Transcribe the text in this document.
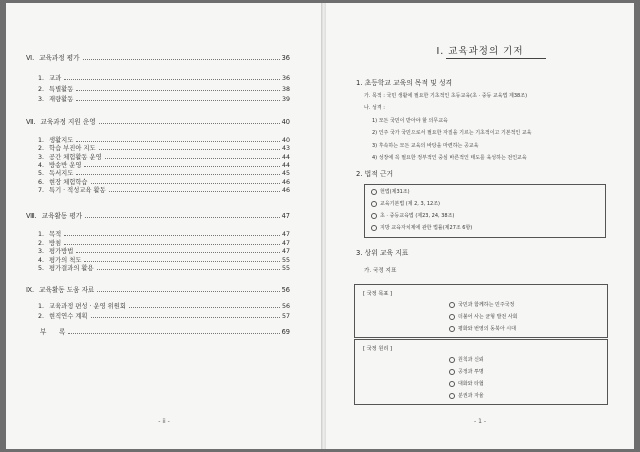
Ⅵ. 교육과정 평가	36
1. 교과	36
2. 특별활동	38
3. 재량활동	39
Ⅶ. 교육과정 지원 운영	40
1. 생활지도	40
2. 학습 부진아 지도	43
3. 공간 체험활동 운영	44
4. 방송반 운영	44
5. 독서지도	45
6. 현장 체험학습	46
7. 특기 · 적성교육 활동	46
Ⅷ. 교육활동 평가	47
1. 목적	47
2. 방침	47
3. 평가방법	47
4. 평가의 척도	55
5. 평가결과의 활용	55
Ⅸ. 교육활동 도움 자료	56
1. 교육과정 편성 · 운영 위원회	56
2. 현직연수 계획	57
부      록	69
- ii -
Ⅰ. 교육과정의 기저
1. 초등학교 교육의 목적 및 성격
가. 목적 : 국민 생활에 필요한 기초적인 초등교육(초 · 중등 교육법 제38조)
나. 성격 :
1) 모든 국민이 받아야 할 의무교육
2) 인주 국가 국민으로서 필요한 자질을 기르는 기초적이고 기본적인 교육
3) 후속하는 모든 교육의 바탕을 마련하는 공교육
4) 성장에 꼭 필요한 정부적인 중심 바른적인 태도를 육성하는 전인교육
2. 법적 근거
헌법(제31조)
교육기본법 (제 2, 3, 12조)
초 · 중등교육법 (제23, 24, 38조)
지방 교육자치제에 관한 법률(제27조 6항)
3. 상위 교육 지표
가. 국정 지표
[ 국정 목표 ]
국민과 함께하는 민주국정
더불어 사는 균형 발전 사회
평화와 번영의 동북아 시대
[ 국정 원리 ]
원칙과 신뢰
공정과 투명
대화와 타협
분권과 자율
- 1 -
